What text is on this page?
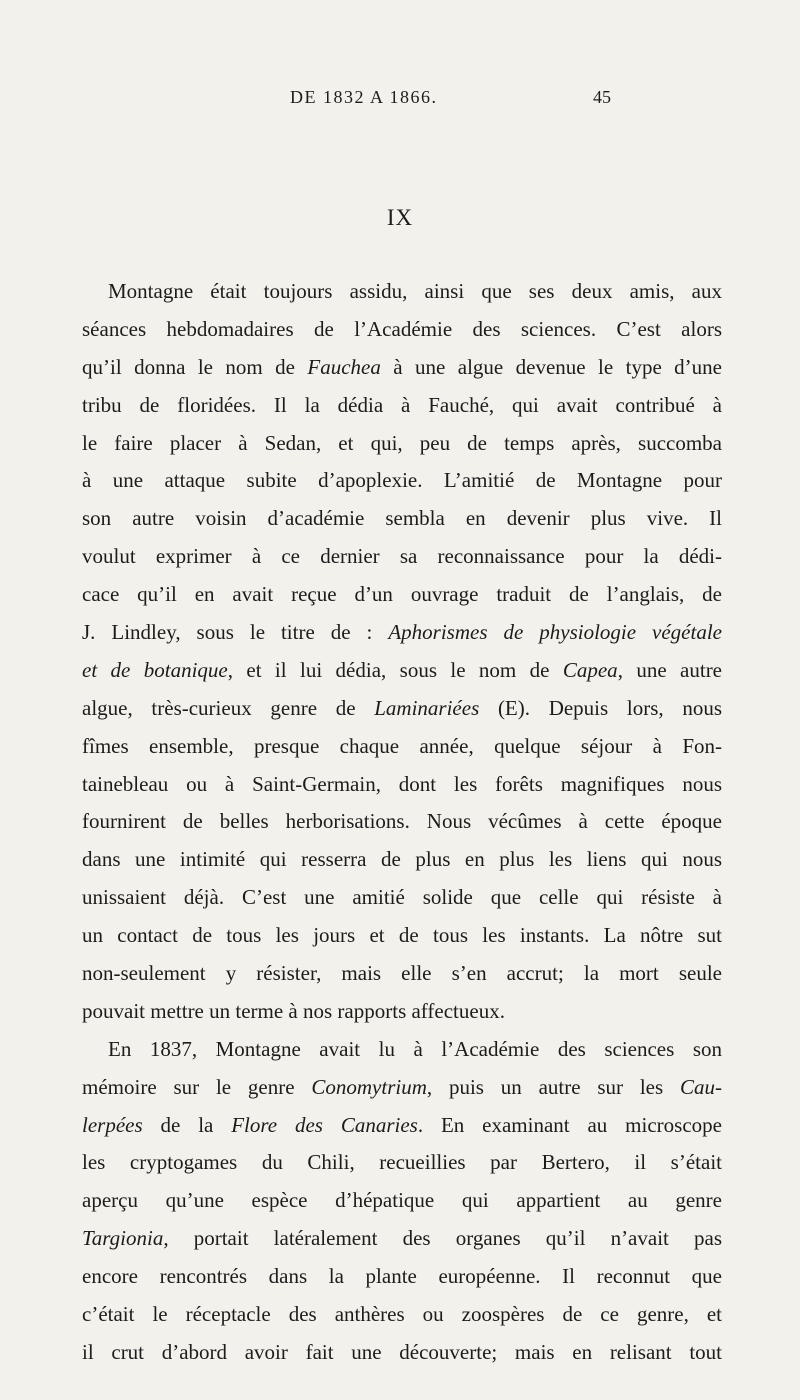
DE 1832 A 1866.	45
IX
Montagne était toujours assidu, ainsi que ses deux amis, aux
séances hebdomadaires de l’Académie des sciences. C’est alors
qu’il donna le nom de Fauchea à une algue devenue le type d’une
tribu de floridées. Il la dédia à Fauché, qui avait contribué à
le faire placer à Sedan, et qui, peu de temps après, succomba
à une attaque subite d’apoplexie. L’amitié de Montagne pour
son autre voisin d’académie sembla en devenir plus vive. Il
voulut exprimer à ce dernier sa reconnaissance pour la dédi-
cace qu’il en avait reçue d’un ouvrage traduit de l’anglais, de
J. Lindley, sous le titre de : Aphorismes de physiologie végétale
et de botanique, et il lui dédia, sous le nom de Capea, une autre
algue, très-curieux genre de Laminariées (E). Depuis lors, nous
fîmes ensemble, presque chaque année, quelque séjour à Fon-
tainebleau ou à Saint-Germain, dont les forêts magnifiques nous
fournirent de belles herborisations. Nous vécûmes à cette époque
dans une intimité qui resserra de plus en plus les liens qui nous
unissaient déjà. C’est une amitié solide que celle qui résiste à
un contact de tous les jours et de tous les instants. La nôtre sut
non-seulement y résister, mais elle s’en accrut; la mort seule
pouvait mettre un terme à nos rapports affectueux.
En 1837, Montagne avait lu à l’Académie des sciences son
mémoire sur le genre Conomytrium, puis un autre sur les Cau-
lerpées de la Flore des Canaries. En examinant au microscope
les cryptogames du Chili, recueillies par Bertero, il s’était
aperçu qu’une espèce d’hépatique qui appartient au genre
Targionia, portait latéralement des organes qu’il n’avait pas
encore rencontrés dans la plante européenne. Il reconnut que
c’était le réceptacle des anthères ou zoospères de ce genre, et
il crut d’abord avoir fait une découverte; mais en relisant tout
